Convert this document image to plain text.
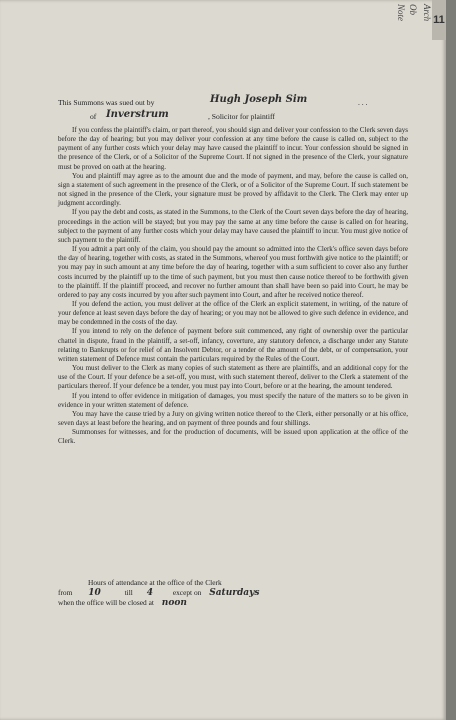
11
Arch
Ob
Note
This Summons was sued out by	Hugh Joseph Sim	. . .
of Inverstrum	, Solicitor for plaintiff

If you confess the plaintiff's claim, or part thereof, you should sign and deliver your confession to the Clerk seven days before the day of hearing; but you may deliver your confession at any time before the cause is called on, subject to the payment of any further costs which your delay may have caused the plaintiff to incur. Your confession should be signed in the presence of the Clerk, or of a Solicitor of the Supreme Court. If not signed in the presence of the Clerk, your signature must be proved on oath at the hearing.

You and plaintiff may agree as to the amount due and the mode of payment, and may, before the cause is called on, sign a statement of such agreement in the presence of the Clerk, or of a Solicitor of the Supreme Court. If such statement be not signed in the presence of the Clerk, your signature must be proved by affidavit to the Clerk. The Clerk may enter up judgment accordingly.

If you pay the debt and costs, as stated in the Summons, to the Clerk of the Court seven days before the day of hearing, proceedings in the action will be stayed; but you may pay the same at any time before the cause is called on for hearing, subject to the payment of any further costs which your delay may have caused the plaintiff to incur. You must give notice of such payment to the plaintiff.

If you admit a part only of the claim, you should pay the amount so admitted into the Clerk's office seven days before the day of hearing, together with costs, as stated in the Summons, whereof you must forthwith give notice to the plaintiff; or you may pay in such amount at any time before the day of hearing, together with a sum sufficient to cover also any further costs incurred by the plaintiff up to the time of such payment, but you must then cause notice thereof to be forthwith given to the plaintiff. If the plaintiff proceed, and recover no further amount than shall have been so paid into Court, he may be ordered to pay any costs incurred by you after such payment into Court, and after he received notice thereof.

If you defend the action, you must deliver at the office of the Clerk an explicit statement, in writing, of the nature of your defence at least seven days before the day of hearing; or you may not be allowed to give such defence in evidence, and may be condemned in the costs of the day.

If you intend to rely on the defence of payment before suit commenced, any right of ownership over the particular chattel in dispute, fraud in the plaintiff, a set-off, infancy, coverture, any statutory defence, a discharge under any Statute relating to Bankrupts or for relief of an Insolvent Debtor, or a tender of the amount of the debt, or of compensation, your written statement of Defence must contain the particulars required by the Rules of the Court.

You must deliver to the Clerk as many copies of such statement as there are plaintiffs, and an additional copy for the use of the Court. If your defence be a set-off, you must, with such statement thereof, deliver to the Clerk a statement of the particulars thereof. If your defence be a tender, you must pay into Court, before or at the hearing, the amount tendered.

If you intend to offer evidence in mitigation of damages, you must specify the nature of the matters so to be given in evidence in your written statement of defence.

You may have the cause tried by a Jury on giving written notice thereof to the Clerk, either personally or at his office, seven days at least before the hearing, and on payment of three pounds and four shillings.

Summonses for witnesses, and for the production of documents, will be issued upon application at the office of the Clerk.

Hours of attendance at the office of the Clerk
from 10	till 4	except on Saturdays
when the office will be closed at noon
